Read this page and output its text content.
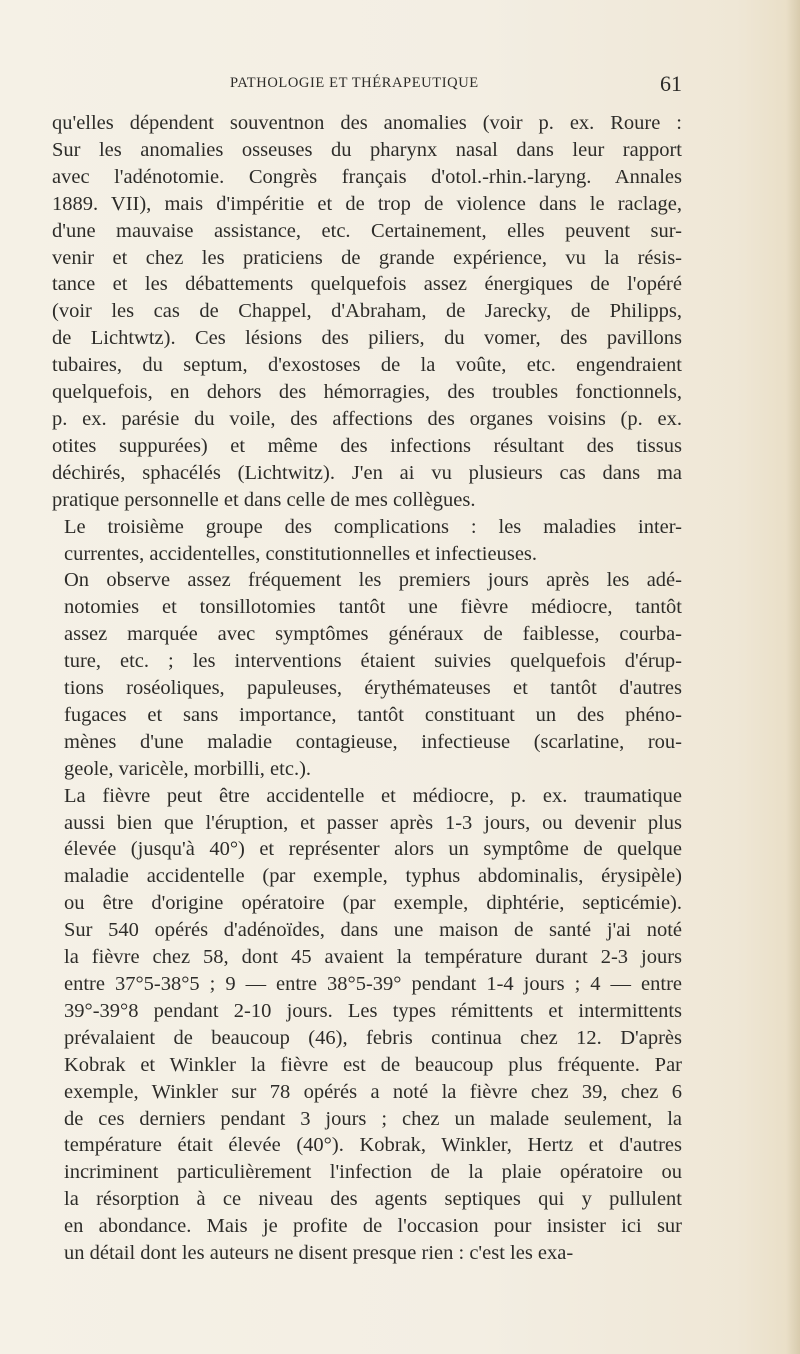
PATHOLOGIE ET THÉRAPEUTIQUE	61

qu'elles dépendent souventnon des anomalies (voir p. ex. Roure :
Sur les anomalies osseuses du pharynx nasal dans leur rapport
avec l'adénotomie. Congrès français d'otol.-rhin.-laryng. Annales
1889. VII), mais d'impéritie et de trop de violence dans le raclage,
d'une mauvaise assistance, etc. Certainement, elles peuvent sur-
venir et chez les praticiens de grande expérience, vu la résis-
tance et les débattements quelquefois assez énergiques de l'opéré
(voir les cas de Chappel, d'Abraham, de Jarecky, de Philipps,
de Lichtwtz). Ces lésions des piliers, du vomer, des pavillons
tubaires, du septum, d'exostoses de la voûte, etc. engendraient
quelquefois, en dehors des hémorragies, des troubles fonctionnels,
p. ex. parésie du voile, des affections des organes voisins (p. ex.
otites suppurées) et même des infections résultant des tissus
déchirés, sphacélés (Lichtwitz). J'en ai vu plusieurs cas dans ma
pratique personnelle et dans celle de mes collègues.

Le troisième groupe des complications : les maladies inter-
currentes, accidentelles, constitutionnelles et infectieuses.

On observe assez fréquement les premiers jours après les adé-
notomies et tonsillotomies tantôt une fièvre médiocre, tantôt
assez marquée avec symptômes généraux de faiblesse, courba-
ture, etc. ; les interventions étaient suivies quelquefois d'érup-
tions roséoliques, papuleuses, érythémateuses et tantôt d'autres
fugaces et sans importance, tantôt constituant un des phéno-
mènes d'une maladie contagieuse, infectieuse (scarlatine, rou-
geole, varicèle, morbilli, etc.).

La fièvre peut être accidentelle et médiocre, p. ex. traumatique
aussi bien que l'éruption, et passer après 1-3 jours, ou devenir plus
élevée (jusqu'à 40°) et représenter alors un symptôme de quelque
maladie accidentelle (par exemple, typhus abdominalis, érysipèle)
ou être d'origine opératoire (par exemple, diphtérie, septicémie).
Sur 540 opérés d'adénoïdes, dans une maison de santé j'ai noté
la fièvre chez 58, dont 45 avaient la température durant 2-3 jours
entre 37°5-38°5 ; 9 — entre 38°5-39° pendant 1-4 jours ; 4 — entre
39°-39°8 pendant 2-10 jours. Les types rémittents et intermittents
prévalaient de beaucoup (46), febris continua chez 12. D'après
Kobrak et Winkler la fièvre est de beaucoup plus fréquente. Par
exemple, Winkler sur 78 opérés a noté la fièvre chez 39, chez 6
de ces derniers pendant 3 jours ; chez un malade seulement, la
température était élevée (40°). Kobrak, Winkler, Hertz et d'autres
incriminent particulièrement l'infection de la plaie opératoire ou
la résorption à ce niveau des agents septiques qui y pullulent
en abondance. Mais je profite de l'occasion pour insister ici sur
un détail dont les auteurs ne disent presque rien : c'est les exa-
